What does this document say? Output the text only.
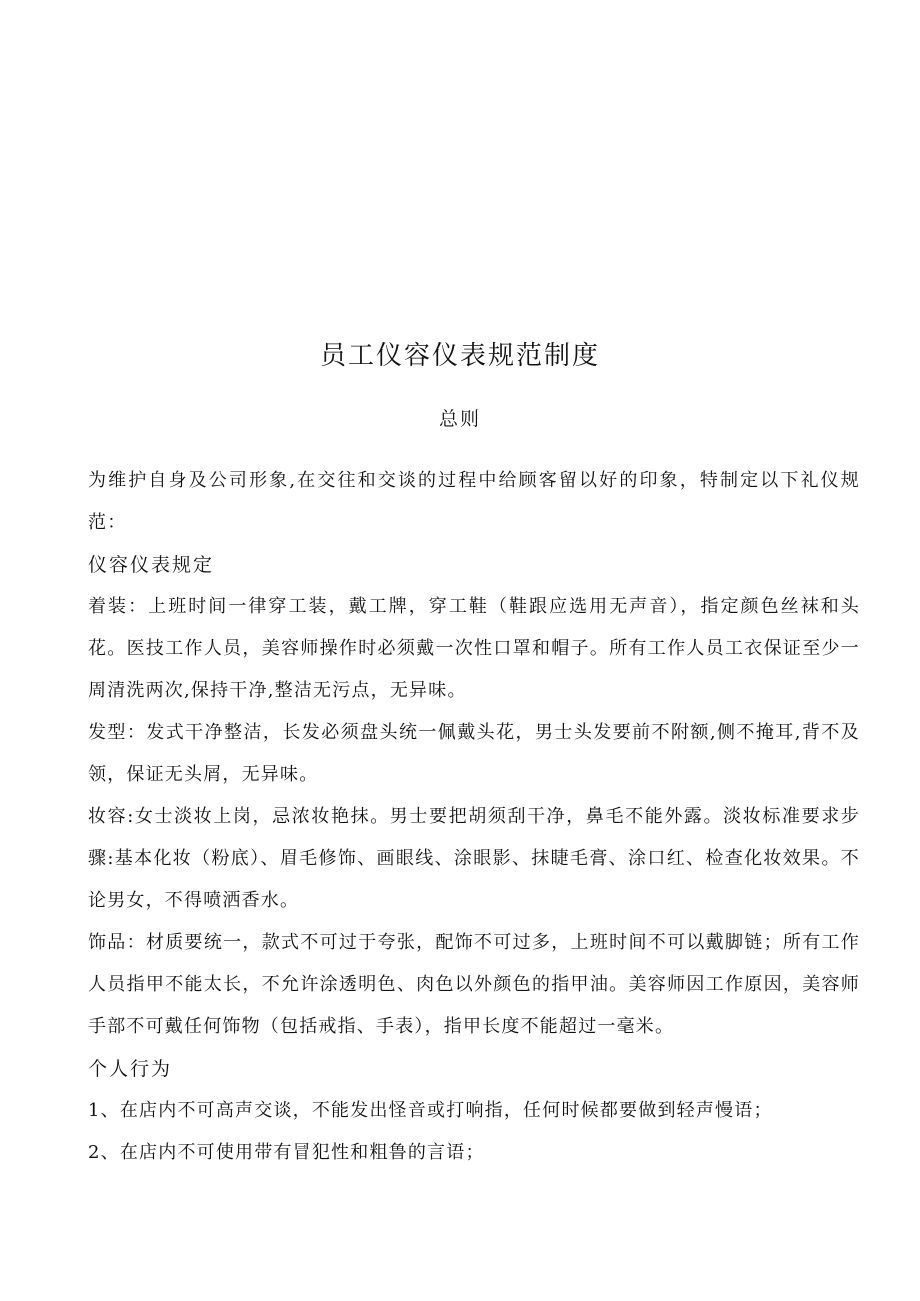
员工仪容仪表规范制度
总则

为维护自身及公司形象,在交往和交谈的过程中给顾客留以好的印象，特制定以下礼仪规范：

仪容仪表规定

着装：上班时间一律穿工装，戴工牌，穿工鞋（鞋跟应选用无声音），指定颜色丝袜和头花。医技工作人员，美容师操作时必须戴一次性口罩和帽子。所有工作人员工衣保证至少一周清洗两次,保持干净,整洁无污点，无异味。

发型：发式干净整洁，长发必须盘头统一佩戴头花，男士头发要前不附额,侧不掩耳,背不及领，保证无头屑，无异味。

妆容:女士淡妆上岗，忌浓妆艳抹。男士要把胡须刮干净，鼻毛不能外露。淡妆标准要求步骤:基本化妆（粉底）、眉毛修饰、画眼线、涂眼影、抹睫毛膏、涂口红、检查化妆效果。不论男女，不得喷洒香水。

饰品：材质要统一，款式不可过于夸张，配饰不可过多，上班时间不可以戴脚链；所有工作人员指甲不能太长，不允许涂透明色、肉色以外颜色的指甲油。美容师因工作原因，美容师手部不可戴任何饰物（包括戒指、手表），指甲长度不能超过一毫米。

个人行为

1、在店内不可高声交谈，不能发出怪音或打响指，任何时候都要做到轻声慢语；

2、在店内不可使用带有冒犯性和粗鲁的言语；
